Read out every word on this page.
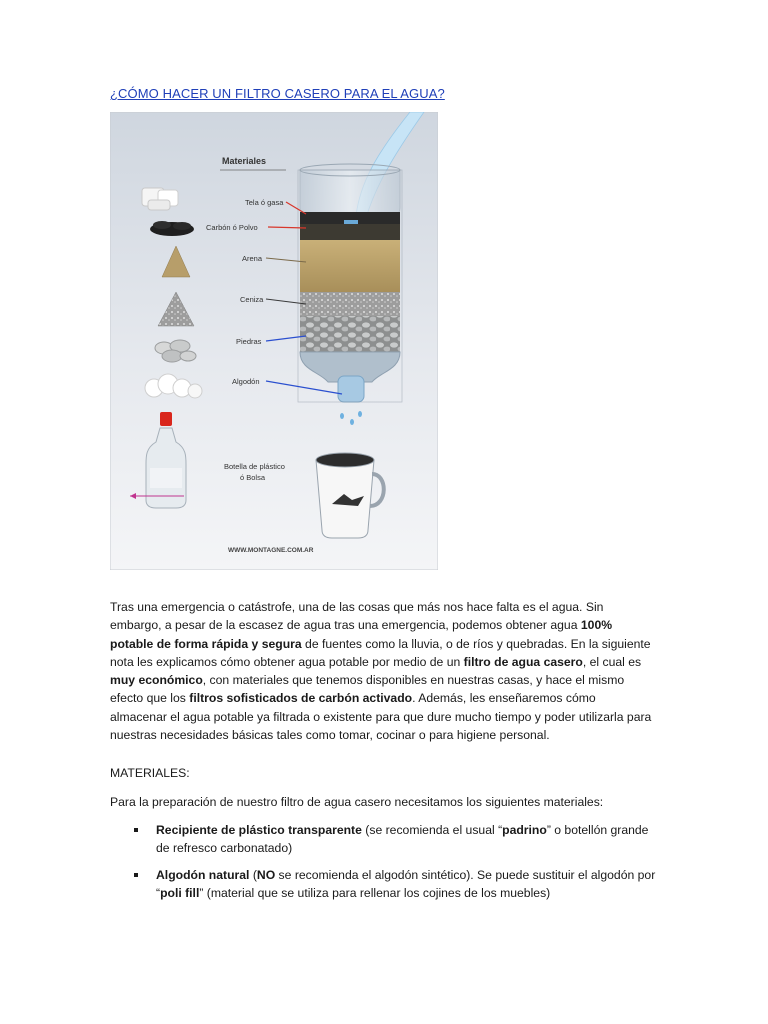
¿CÓMO HACER UN FILTRO CASERO PARA EL AGUA?
Materiales
Tela ó gasa
Carbón ó Polvo
Arena
Ceniza
Piedras
Algodón
Botella de plástico
ó Bolsa
WWW.MONTAGNE.COM.AR

Tras una emergencia o catástrofe, una de las cosas que más nos hace falta es el agua. Sin embargo, a pesar de la escasez de agua tras una emergencia, podemos obtener agua 100% potable de forma rápida y segura de fuentes como la lluvia, o de ríos y quebradas. En la siguiente nota les explicamos cómo obtener agua potable por medio de un filtro de agua casero, el cual es muy económico, con materiales que tenemos disponibles en nuestras casas, y hace el mismo efecto que los filtros sofisticados de carbón activado. Además, les enseñaremos cómo almacenar el agua potable ya filtrada o existente para que dure mucho tiempo y poder utilizarla para nuestras necesidades básicas tales como tomar, cocinar o para higiene personal.

MATERIALES:
Para la preparación de nuestro filtro de agua casero necesitamos los siguientes materiales:
Recipiente de plástico transparente (se recomienda el usual “padrino” o botellón grande de refresco carbonatado)
Algodón natural (NO se recomienda el algodón sintético). Se puede sustituir el algodón por “poli fill” (material que se utiliza para rellenar los cojines de los muebles)
